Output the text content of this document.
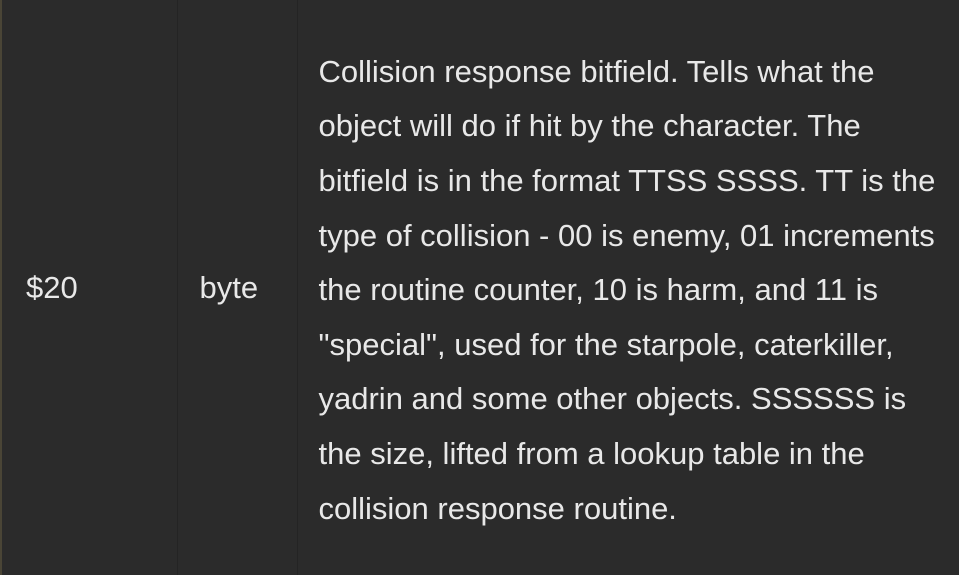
$20	byte	Collision response bitfield. Tells what the object will do if hit by the character. The bitfield is in the format TTSS SSSS. TT is the type of collision - 00 is enemy, 01 increments the routine counter, 10 is harm, and 11 is "special", used for the starpole, caterkiller, yadrin and some other objects. SSSSSS is the size, lifted from a lookup table in the collision response routine.
